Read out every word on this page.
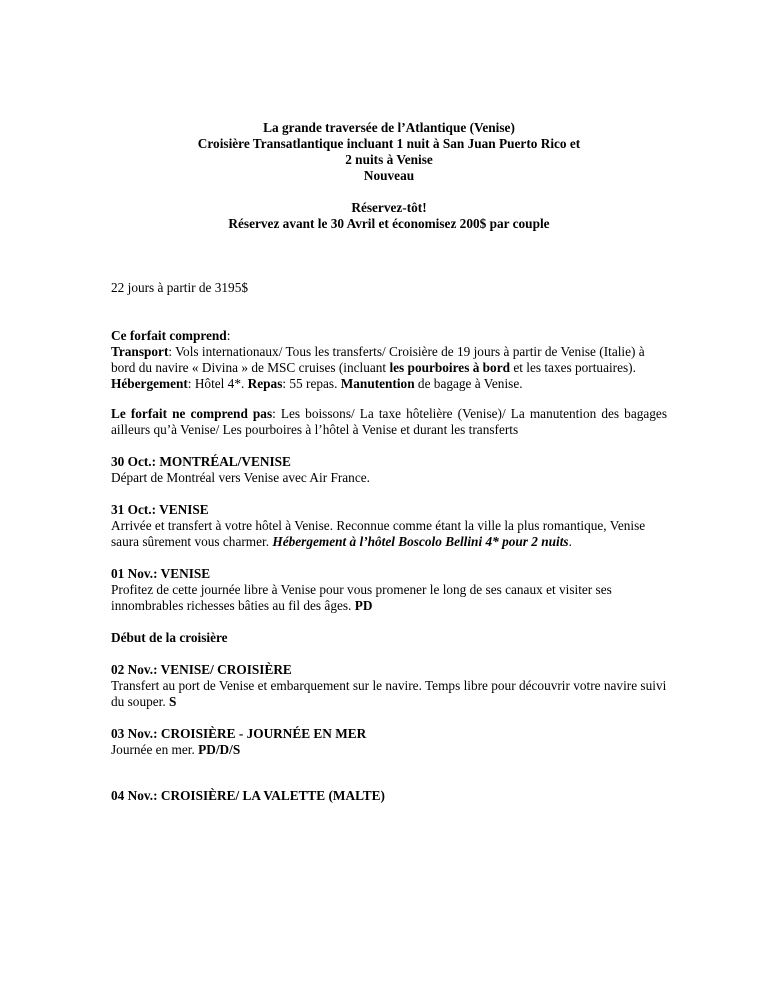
La grande traversée de l’Atlantique (Venise)
Croisière Transatlantique incluant 1 nuit à San Juan Puerto Rico et
2 nuits à Venise
Nouveau
Réservez-tôt!
Réservez avant le 30 Avril et économisez 200$ par couple
22 jours à partir de 3195$
Ce forfait comprend:
Transport: Vols internationaux/ Tous les transferts/ Croisière de 19 jours à partir de Venise (Italie) à bord du navire « Divina » de MSC cruises (incluant les pourboires à bord et les taxes portuaires). Hébergement: Hôtel 4*. Repas: 55 repas. Manutention de bagage à Venise.
Le forfait ne comprend pas: Les boissons/ La taxe hôtelière (Venise)/ La manutention des bagages ailleurs qu’à Venise/ Les pourboires à l’hôtel à Venise et durant les transferts
30 Oct.: MONTRÉAL/VENISE
Départ de Montréal vers Venise avec Air France.
31 Oct.: VENISE
Arrivée et transfert à votre hôtel à Venise. Reconnue comme étant la ville la plus romantique, Venise saura sûrement vous charmer. Hébergement à l’hôtel Boscolo Bellini 4* pour 2 nuits.
01 Nov.: VENISE
Profitez de cette journée libre à Venise pour vous promener le long de ses canaux et visiter ses innombrables richesses bâties au fil des âges. PD
Début de la croisière
02 Nov.: VENISE/ CROISIÈRE
Transfert au port de Venise et embarquement sur le navire. Temps libre pour découvrir votre navire suivi du souper. S
03 Nov.: CROISIÈRE - JOURNÉE EN MER
Journée en mer. PD/D/S
04 Nov.: CROISIÈRE/ LA VALETTE (MALTE)
